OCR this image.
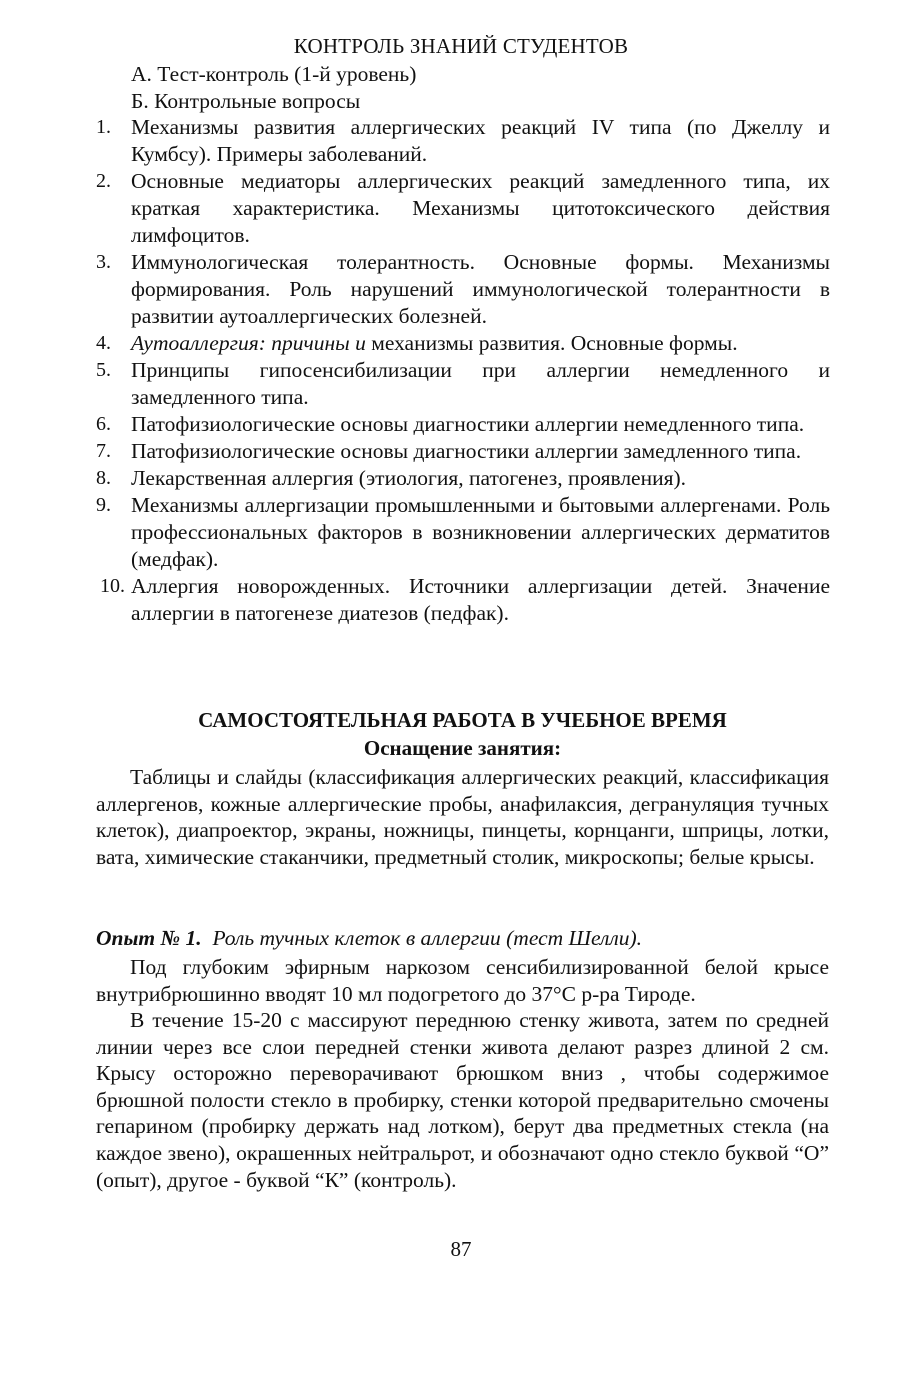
КОНТРОЛЬ ЗНАНИЙ СТУДЕНТОВ
А. Тест-контроль (1-й уровень)
Б. Контрольные вопросы
1. Механизмы развития аллергических реакций IV типа (по Джеллу и Кумбсу). Примеры заболеваний.
2. Основные медиаторы аллергических реакций замедленного типа, их краткая характеристика. Механизмы цитотоксического действия лимфоцитов.
3. Иммунологическая толерантность. Основные формы. Механизмы формирования. Роль нарушений иммунологической толерантности в развитии аутоаллергических болезней.
4. Аутоаллергия: причины и механизмы развития. Основные формы.
5. Принципы гипосенсибилизации при аллергии немедленного и замедленного типа.
6. Патофизиологические основы диагностики аллергии немедленного типа.
7. Патофизиологические основы диагностики аллергии замедленного типа.
8. Лекарственная аллергия (этиология, патогенез, проявления).
9. Механизмы аллергизации промышленными и бытовыми аллергенами. Роль профессиональных факторов в возникновении аллергических дерматитов (медфак).
10. Аллергия новорожденных. Источники аллергизации детей. Значение аллергии в патогенезе диатезов (педфак).
САМОСТОЯТЕЛЬНАЯ РАБОТА В УЧЕБНОЕ ВРЕМЯ
Оснащение занятия:
Таблицы и слайды (классификация аллергических реакций, классификация аллергенов, кожные аллергические пробы, анафилаксия, дегрануляция тучных клеток), диапроектор, экраны, ножницы, пинцеты, корнцанги, шприцы, лотки, вата, химические стаканчики, предметный столик, микроскопы; белые крысы.
Опыт № 1. Роль тучных клеток в аллергии (тест Шелли).
Под глубоким эфирным наркозом сенсибилизированной белой крысе внутрибрюшинно вводят 10 мл подогретого до 37°С р-ра Тироде.
В течение 15-20 с массируют переднюю стенку живота, затем по средней линии через все слои передней стенки живота делают разрез длиной 2 см. Крысу осторожно переворачивают брюшком вниз , чтобы содержимое брюшной полости стекло в пробирку, стенки которой предварительно смочены гепарином (пробирку держать над лотком), берут два предметных стекла (на каждое звено), окрашенных нейтральрот, и обозначают одно стекло буквой “О” (опыт), другое - буквой “К” (контроль).
87
